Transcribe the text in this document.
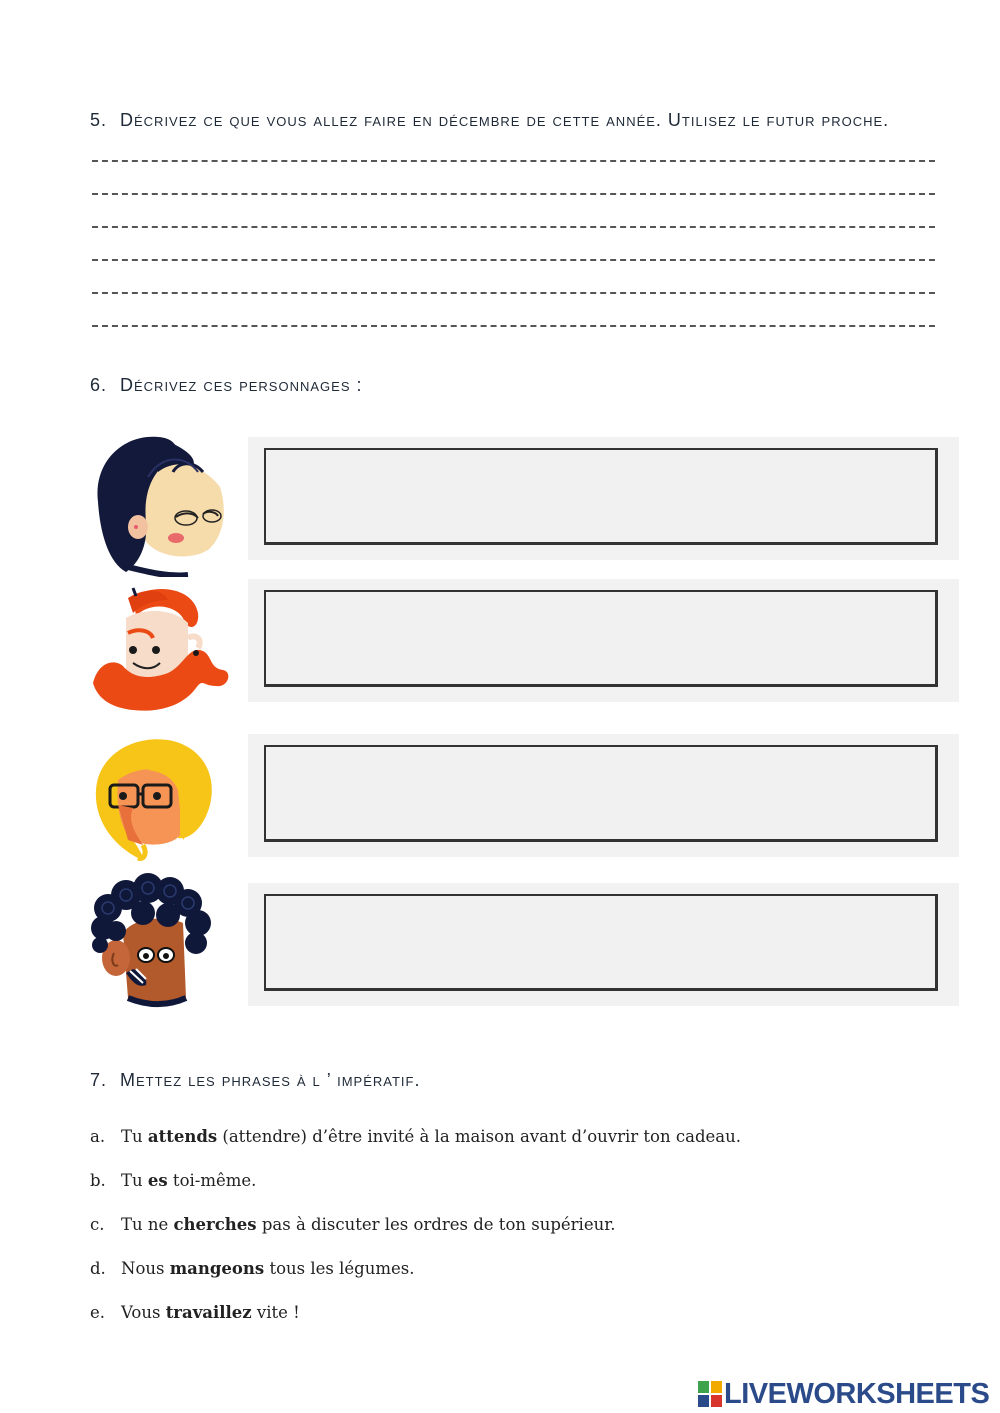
5. Décrivez ce que vous allez faire en décembre de cette année. Utilisez le futur proche.
6. Décrivez ces personnages :
7. Mettez les phrases à l ’ impératif.

a. Tu attends (attendre) d’être invité à la maison avant d’ouvrir ton cadeau.

b. Tu es toi-même.

c. Tu ne cherches pas à discuter les ordres de ton supérieur.

d. Nous mangeons tous les légumes.

e. Vous travaillez vite !

LIVEWORKSHEETS
